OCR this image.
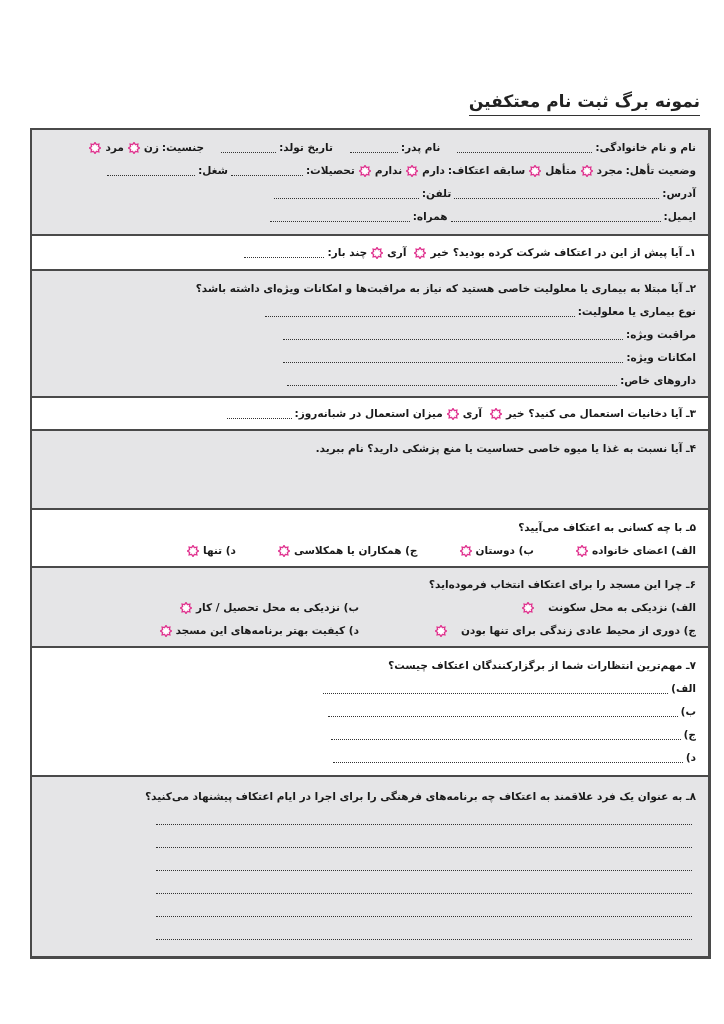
نمونه برگ ثبت نام معتکفین
نام و نام خانوادگی:
نام پدر:
تاریخ تولد:
جنسیت:
زن
مرد
وضعیت تأهل:
مجرد
متأهل
سابقه اعتکاف:
دارم
ندارم
تحصیلات:
شغل:
آدرس:
تلفن:
ایمیل:
همراه:
۱ـ آیا پیش از این در اعتکاف شرکت کرده بودید؟
خیر
آری
چند بار:
۲ـ آیا مبتلا به بیماری یا معلولیت خاصی هستید که نیاز به مراقبت‌ها و امکانات ویژه‌ای داشته باشد؟
نوع بیماری یا معلولیت:
مراقبت ویژه:
امکانات ویژه:
داروهای خاص:
۳ـ آیا دخانیات استعمال می کنید؟
خیر
آری
میزان استعمال در شبانه‌روز:
۴ـ آیا نسبت به غذا یا میوه خاصی حساسیت یا منع پزشکی دارید؟ نام ببرید.
۵ـ با چه کسانی به اعتکاف می‌آیید؟
الف) اعضای خانواده
ب) دوستان
ج) همکاران یا همکلاسی
د) تنها
۶ـ چرا این مسجد را برای اعتکاف انتخاب فرموده‌اید؟
الف) نزدیکی به محل سکونت
ب) نزدیکی به محل تحصیل / کار
ج) دوری از محیط عادی زندگی برای تنها بودن
د) کیفیت بهتر برنامه‌های این مسجد
۷ـ مهم‌ترین انتظارات شما از برگزارکنندگان اعتکاف چیست؟
الف)
ب)
ج)
د)
۸ـ به عنوان یک فرد علاقمند به اعتکاف چه برنامه‌های فرهنگی را برای اجرا در ایام اعتکاف پیشنهاد می‌کنید؟
